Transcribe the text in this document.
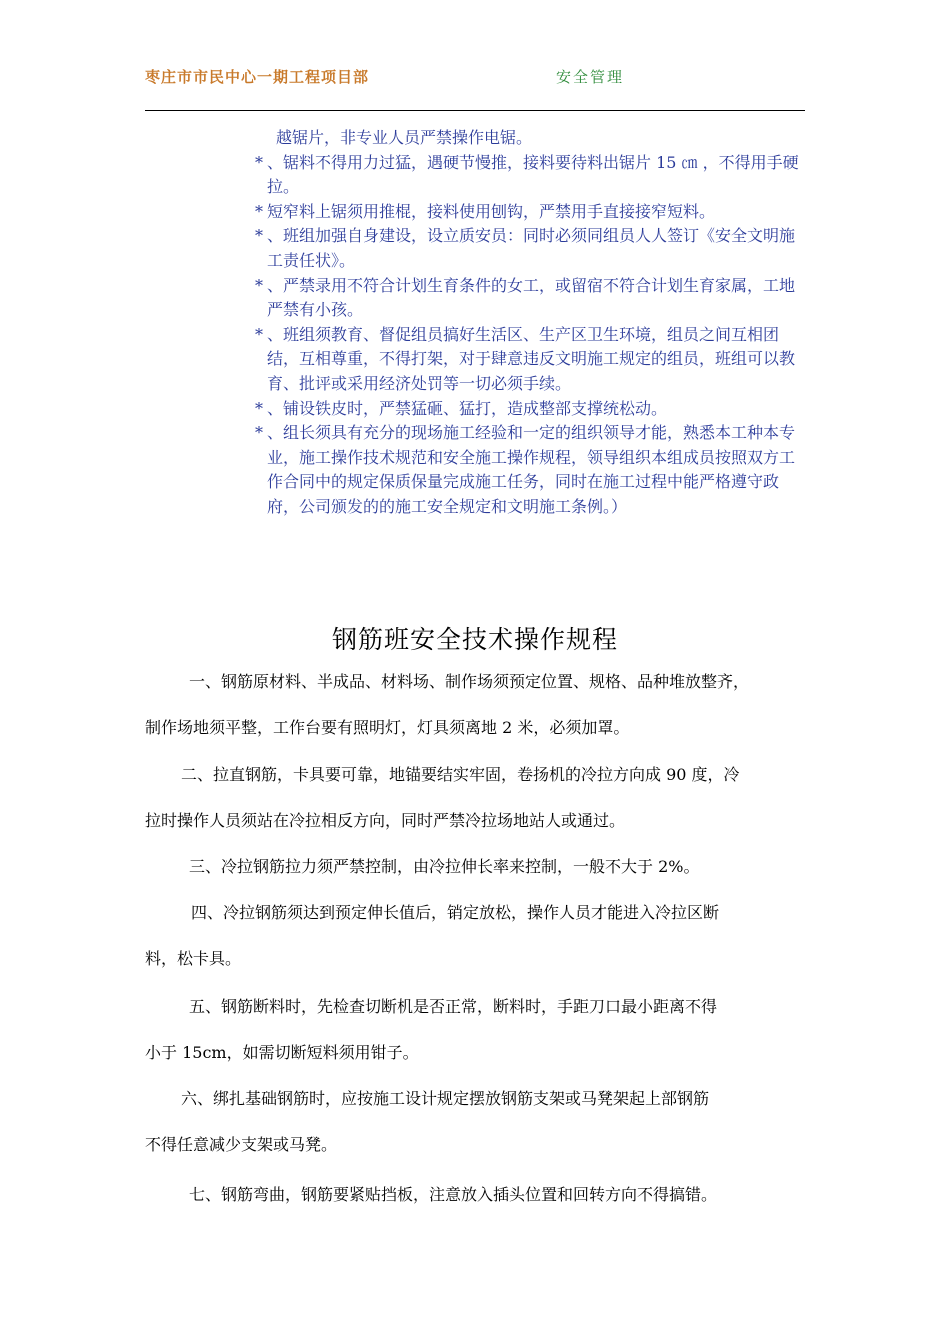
枣庄市市民中心一期工程项目部	安全管理

越锯片，非专业人员严禁操作电锯。

* 、锯料不得用力过猛，遇硬节慢推，接料要待料出锯片 15 ㎝ ，不得用手硬拉。

* 短窄料上锯须用推棍，接料使用刨钩，严禁用手直接接窄短料。

* 、班组加强自身建设，设立质安员：同时必须同组员人人签订《安全文明施工责任状》。

* 、严禁录用不符合计划生育条件的女工，或留宿不符合计划生育家属，工地严禁有小孩。

* 、班组须教育、督促组员搞好生活区、生产区卫生环境，组员之间互相团结，互相尊重，不得打架，对于肆意违反文明施工规定的组员，班组可以教育、批评或采用经济处罚等一切必须手续。

* 、铺设铁皮时，严禁猛砸、猛打，造成整部支撑统松动。

* 、组长须具有充分的现场施工经验和一定的组织领导才能，熟悉本工种本专业，施工操作技术规范和安全施工操作规程，领导组织本组成员按照双方工作合同中的规定保质保量完成施工任务，同时在施工过程中能严格遵守政府，公司颁发的的施工安全规定和文明施工条例。）

钢筋班安全技术操作规程
一、钢筋原材料、半成品、材料场、制作场须预定位置、规格、品种堆放整齐，
制作场地须平整，工作台要有照明灯，灯具须离地 2 米，必须加罩。
二、拉直钢筋，卡具要可靠，地锚要结实牢固，卷扬机的冷拉方向成 90 度，冷
拉时操作人员须站在冷拉相反方向，同时严禁冷拉场地站人或通过。
三、冷拉钢筋拉力须严禁控制，由冷拉伸长率来控制，一般不大于 2%。
四、冷拉钢筋须达到预定伸长值后，销定放松，操作人员才能进入冷拉区断
料，松卡具。
五、钢筋断料时，先检查切断机是否正常，断料时，手距刀口最小距离不得
小于 15cm，如需切断短料须用钳子。
六、绑扎基础钢筋时，应按施工设计规定摆放钢筋支架或马凳架起上部钢筋
不得任意减少支架或马凳。
七、钢筋弯曲，钢筋要紧贴挡板，注意放入插头位置和回转方向不得搞错。
